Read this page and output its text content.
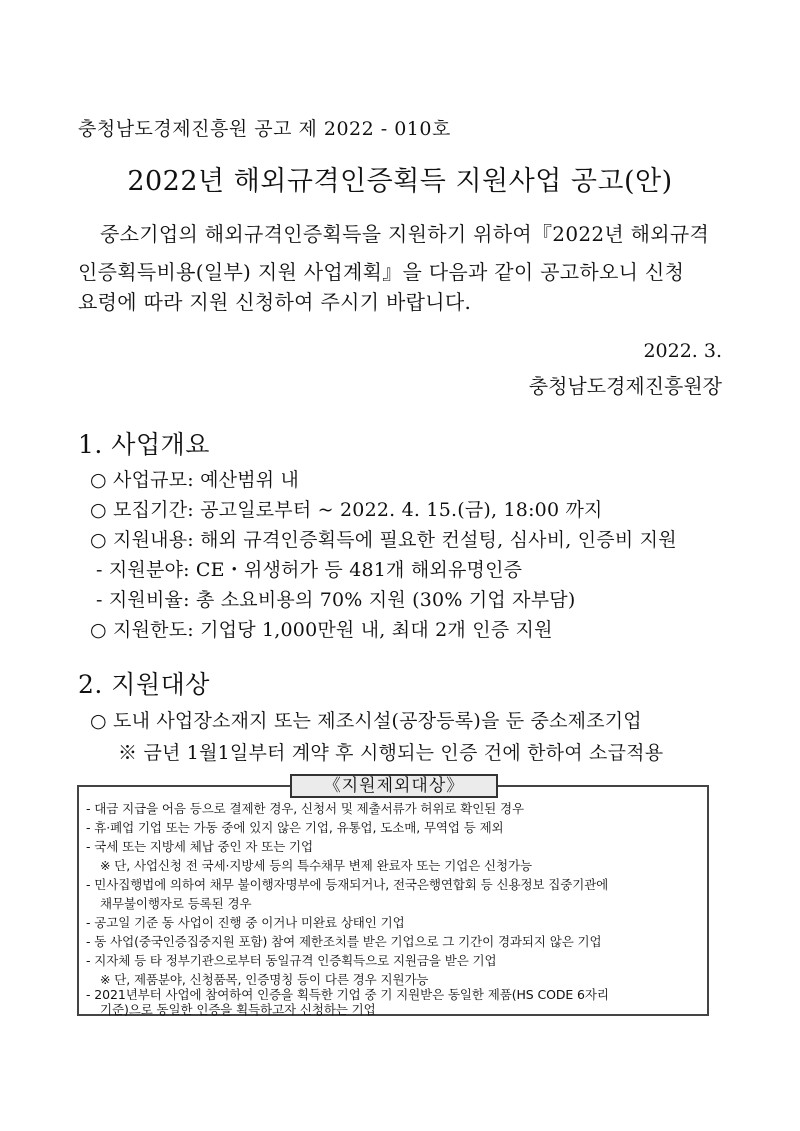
충청남도경제진흥원 공고 제 2022 - 010호
2022년 해외규격인증획득 지원사업 공고(안)
중소기업의 해외규격인증획득을 지원하기 위하여『2022년 해외규격
인증획득비용(일부) 지원 사업계획』을 다음과 같이 공고하오니 신청
요령에 따라 지원 신청하여 주시기 바랍니다.
2022. 3.
충청남도경제진흥원장
1. 사업개요
○ 사업규모: 예산범위 내
○ 모집기간: 공고일로부터 ~ 2022. 4. 15.(금), 18:00 까지
○ 지원내용: 해외 규격인증획득에 필요한 컨설팅, 심사비, 인증비 지원
- 지원분야: CE・위생허가 등 481개 해외유명인증
- 지원비율: 총 소요비용의 70% 지원 (30% 기업 자부담)
○ 지원한도: 기업당 1,000만원 내, 최대 2개 인증 지원
2. 지원대상
○ 도내 사업장소재지 또는 제조시설(공장등록)을 둔 중소제조기업
※ 금년 1월1일부터 계약 후 시행되는 인증 건에 한하여 소급적용
《지원제외대상》
- 대금 지급을 어음 등으로 결제한 경우, 신청서 및 제출서류가 허위로 확인된 경우
- 휴·폐업 기업 또는 가동 중에 있지 않은 기업, 유통업, 도소매, 무역업 등 제외
- 국세 또는 지방세 체납 중인 자 또는 기업
※ 단, 사업신청 전 국세·지방세 등의 특수채무 변제 완료자 또는 기업은 신청가능
- 민사집행법에 의하여 채무 불이행자명부에 등재되거나, 전국은행연합회 등 신용정보 집중기관에
채무불이행자로 등록된 경우
- 공고일 기준 동 사업이 진행 중 이거나 미완료 상태인 기업
- 동 사업(중국인증집중지원 포함) 참여 제한조치를 받은 기업으로 그 기간이 경과되지 않은 기업
- 지자체 등 타 정부기관으로부터 동일규격 인증획득으로 지원금을 받은 기업
※ 단, 제품분야, 신청품목, 인증명칭 등이 다른 경우 지원가능
- 2021년부터 사업에 참여하여 인증을 획득한 기업 중 기 지원받은 동일한 제품(HS CODE 6자리
기준)으로 동일한 인증을 획득하고자 신청하는 기업
